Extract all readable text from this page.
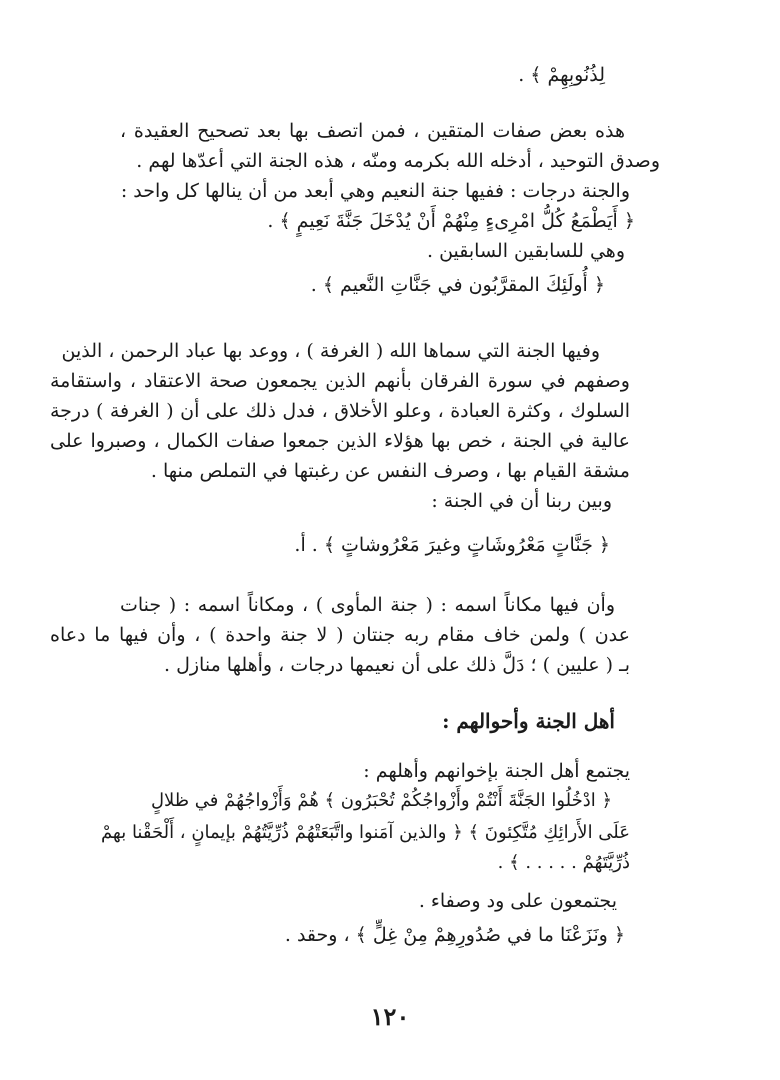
لِذُنُوبِهِمْ ﴾ .
هذه بعض صفات المتقين ، فمن اتصف بها بعد تصحيح العقيدة ،
وصدق التوحيد ، أدخله الله بكرمه ومنّه ، هذه الجنة التي أعدّها لهم .
والجنة درجات : ففيها جنة النعيم وهي أبعد من أن ينالها كل واحد :
﴿ أَيَطْمَعُ كُلُّ امْرِىءٍ مِنْهُمْ أَنْ يُدْخَلَ جَنَّةَ نَعِيمٍ ﴾ .
وهي للسابقين السابقين .
﴿ أُولَئِكَ المقرَّبُون في جَنَّاتِ النَّعيم ﴾ .
وفيها الجنة التي سماها الله ( الغرفة ) ، ووعد بها عباد الرحمن ، الذين
وصفهم في سورة الفرقان بأنهم الذين يجمعون صحة الاعتقاد ، واستقامة
السلوك ، وكثرة العبادة ، وعلو الأخلاق ، فدل ذلك على أن ( الغرفة ) درجة
عالية في الجنة ، خص بها هؤلاء الذين جمعوا صفات الكمال ، وصبروا على
مشقة القيام بها ، وصرف النفس عن رغبتها في التملص منها .
وبين ربنا أن في الجنة :
﴿ جَنَّاتٍ مَعْرُوشَاتٍ وغيرَ مَعْرُوشاتٍ ﴾ . أ.
وأن فيها مكاناً اسمه : ( جنة المأوى ) ، ومكاناً اسمه : ( جنات
عدن ) ولمن خاف مقام ربه جنتان ( لا جنة واحدة ) ، وأن فيها ما دعاه
بـ ( عليين ) ؛ دَلَّ ذلك على أن نعيمها درجات ، وأهلها منازل .
أهل الجنة وأحوالهم :
يجتمع أهل الجنة بإخوانهم وأهلهم :
﴿ ادْخُلُوا الجَنَّةَ أَنْتُمْ وأَزْواجُكُمْ تُحْبَرُون ﴾ هُمْ وَأَزْواجُهُمْ في ظلالٍ
عَلَى الأَرائِكِ مُتَّكِئونَ ﴾ ﴿ والذين آمَنوا واتَّبَعَتْهُمْ ذُرِّيَّتُهُمْ بإيمانٍ ، أَلْحَقْنا بهمْ
ذُرِّيَّتَهُمْ . . . . . ﴾ .
يجتمعون على ود وصفاء .
﴿ ونَزَعْنَا ما في صُدُورِهِمْ مِنْ غِلٍّ ﴾ ، وحقد .
١٢٠
